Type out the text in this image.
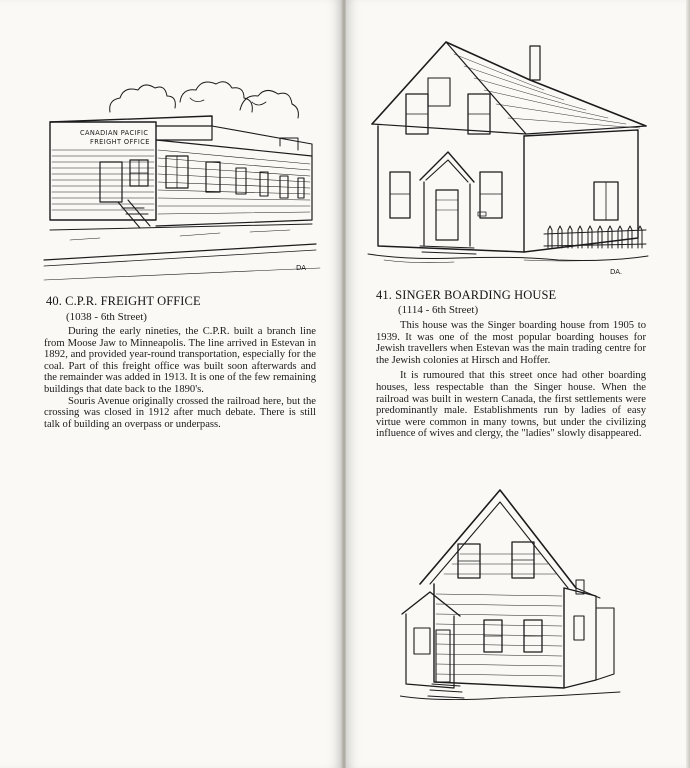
CANADIAN PACIFIC
FREIGHT OFFICE
DA
40. C.P.R. FREIGHT OFFICE
(1038 - 6th Street)

During the early nineties, the C.P.R. built a branch line from Moose Jaw to Minneapolis. The line arrived in Estevan in 1892, and provided year-round transportation, especially for the coal. Part of this freight office was built soon afterwards and the remainder was added in 1913. It is one of the few remaining buildings that date back to the 1890's.

Souris Avenue originally crossed the railroad here, but the crossing was closed in 1912 after much debate. There is still talk of building an overpass or underpass.

DA.
41. SINGER BOARDING HOUSE
(1114 - 6th Street)

This house was the Singer boarding house from 1905 to 1939. It was one of the most popular boarding houses for Jewish travellers when Estevan was the main trading centre for the Jewish colonies at Hirsch and Hoffer.

It is rumoured that this street once had other boarding houses, less respectable than the Singer house. When the railroad was built in western Canada, the first settlements were predominantly male. Establishments run by ladies of easy virtue were common in many towns, but under the civilizing influence of wives and clergy, the "ladies" slowly disappeared.
